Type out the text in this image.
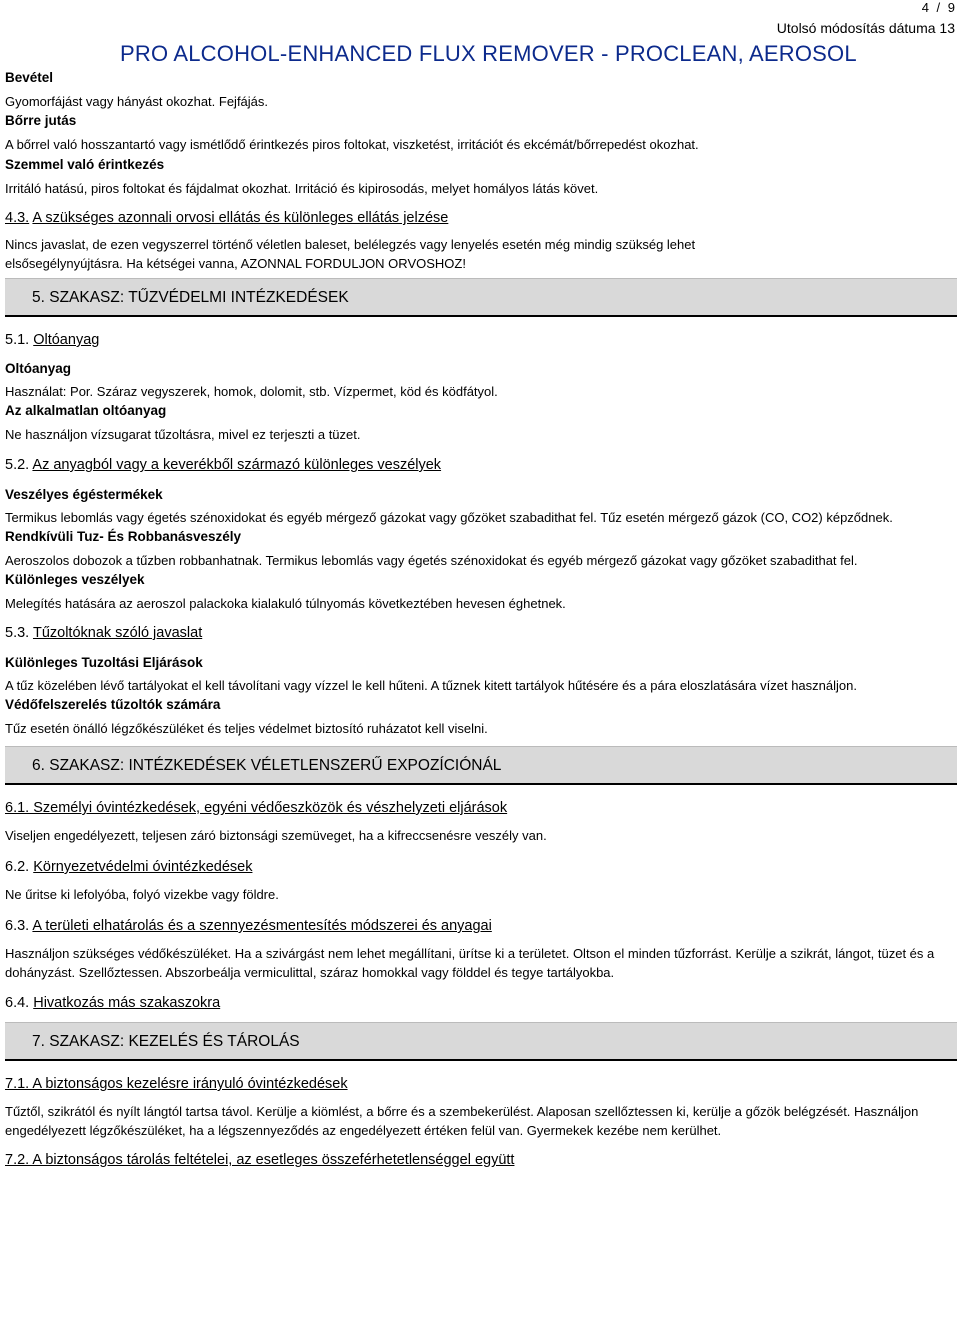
4 / 9
Utolsó módosítás dátuma 13
PRO ALCOHOL-ENHANCED FLUX REMOVER - PROCLEAN, AEROSOL
Bevétel
Gyomorfájást vagy hányást okozhat. Fejfájás.
Bőrre jutás
A bőrrel való hosszantartó vagy ismétlődő érintkezés piros foltokat, viszketést, irritációt és ekcémát/bőrrepedést okozhat.
Szemmel való érintkezés
Irritáló hatású, piros foltokat és fájdalmat okozhat. Irritáció és kipirosodás, melyet homályos látás követ.
4.3. A szükséges azonnali orvosi ellátás és különleges ellátás jelzése
Nincs javaslat, de ezen vegyszerrel történő véletlen baleset, belélegzés vagy lenyelés esetén még mindig szükség lehet elsősegélynyújtásra. Ha kétségei vanna, AZONNAL FORDULJON ORVOSHOZ!
5. SZAKASZ: TŰZVÉDELMI INTÉZKEDÉSEK
5.1. Oltóanyag
Oltóanyag
Használat: Por. Száraz vegyszerek, homok, dolomit, stb. Vízpermet, köd és ködfátyol.
Az alkalmatlan oltóanyag
Ne használjon vízsugarat tűzoltásra, mivel ez terjeszti a tüzet.
5.2. Az anyagból vagy a keverékből származó különleges veszélyek
Veszélyes égéstermékek
Termikus lebomlás vagy égetés szénoxidokat és egyéb mérgező gázokat vagy gőzöket szabadithat fel. Tűz esetén mérgező gázok (CO, CO2) képződnek.
Rendkívüli Tuz- És Robbanásveszély
Aeroszolos dobozok a tűzben robbanhatnak. Termikus lebomlás vagy égetés szénoxidokat és egyéb mérgező gázokat vagy gőzöket szabadithat fel.
Különleges veszélyek
Melegítés hatására az aeroszol palackoka kialakuló túlnyomás következtében hevesen éghetnek.
5.3. Tűzoltóknak szóló javaslat
Különleges Tuzoltási Eljárások
A tűz közelében lévő tartályokat el kell távolítani vagy vízzel le kell hűteni. A tűznek kitett tartályok hűtésére és a pára eloszlatására vízet használjon.
Védőfelszerelés tűzoltók számára
Tűz esetén önálló légzőkészüléket és teljes védelmet biztosító ruházatot kell viselni.
6. SZAKASZ: INTÉZKEDÉSEK VÉLETLENSZERŰ EXPOZÍCIÓNÁL
6.1. Személyi óvintézkedések, egyéni védőeszközök és vészhelyzeti eljárások
Viseljen engedélyezett, teljesen záró biztonsági szemüveget, ha a kifreccsenésre veszély van.
6.2. Környezetvédelmi óvintézkedések
Ne űritse ki lefolyóba, folyó vizekbe vagy földre.
6.3. A területi elhatárolás és a szennyezésmentesítés módszerei és anyagai
Használjon szükséges védőkészüléket. Ha a szivárgást nem lehet megállítani, ürítse ki a területet. Oltson el minden tűzforrást. Kerülje a szikrát, lángot, tüzet és a dohányzást. Szellőztessen. Abszorbeálja vermiculittal, száraz homokkal vagy földdel és tegye tartályokba.
6.4. Hivatkozás más szakaszokra
7. SZAKASZ: KEZELÉS ÉS TÁROLÁS
7.1. A biztonságos kezelésre irányuló óvintézkedések
Tűztől, szikrától és nyílt lángtól tartsa távol. Kerülje a kiömlést, a bőrre és a szembekerülést. Alaposan szellőztessen ki, kerülje a gőzök belégzését. Használjon engedélyezett légzőkészüléket, ha a légszennyeződés az engedélyezett értéken felül van. Gyermekek kezébe nem kerülhet.
7.2. A biztonságos tárolás feltételei, az esetleges összeférhetetlenséggel együtt
